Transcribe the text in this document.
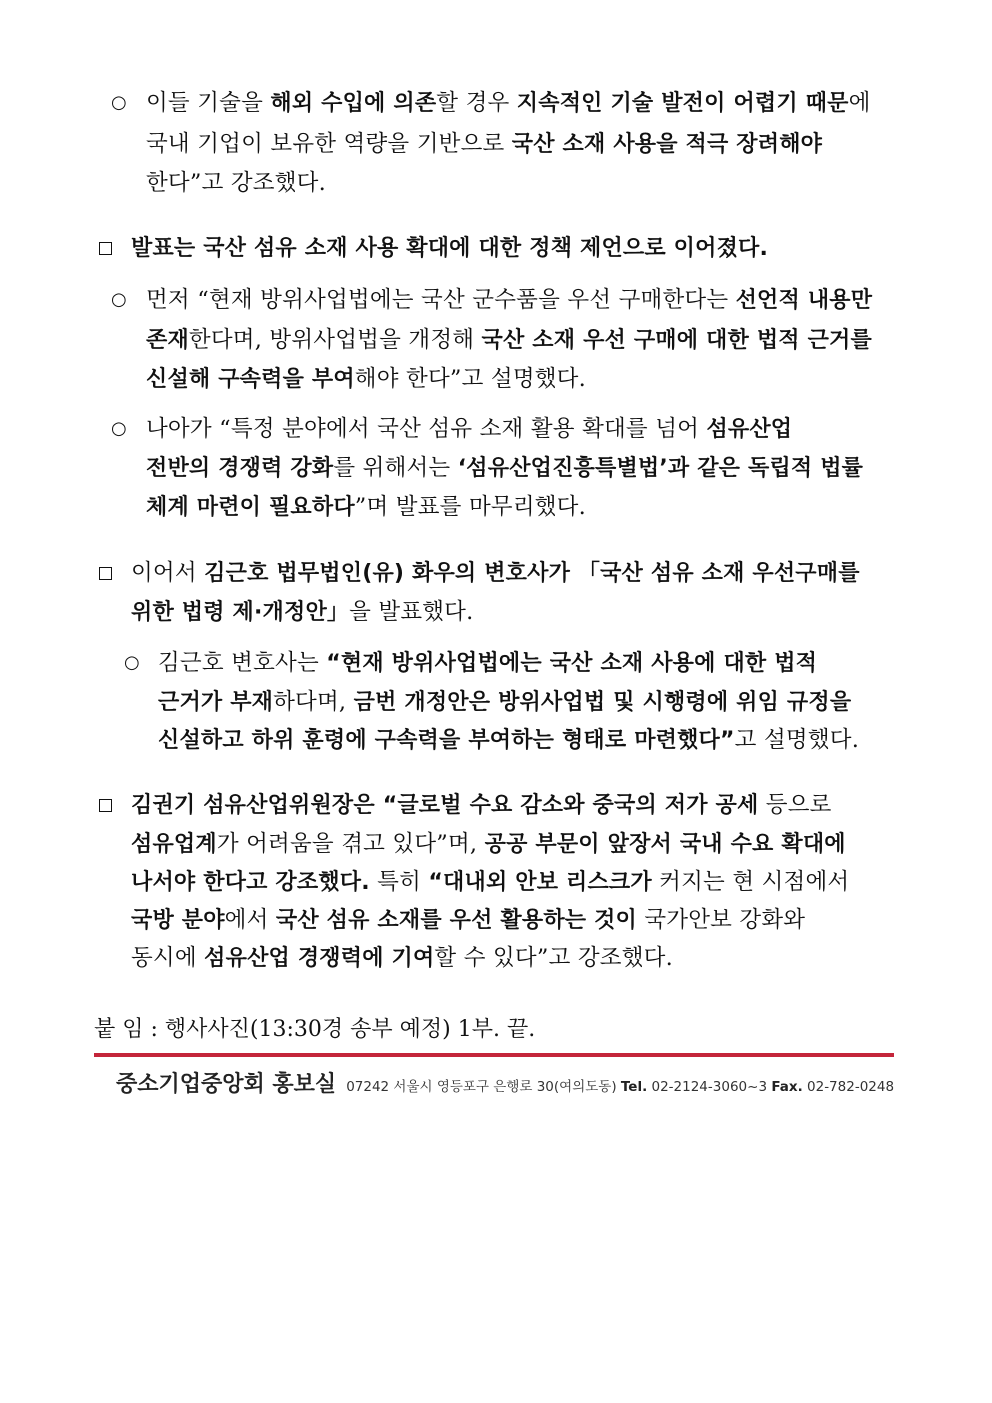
○ 이들 기술을 해외 수입에 의존할 경우 지속적인 기술 발전이 어렵기 때문에
국내 기업이 보유한 역량을 기반으로 국산 소재 사용을 적극 장려해야
한다”고 강조했다.
발표는 국산 섬유 소재 사용 확대에 대한 정책 제언으로 이어졌다.
○ 먼저 “현재 방위사업법에는 국산 군수품을 우선 구매한다는 선언적 내용만
존재한다며, 방위사업법을 개정해 국산 소재 우선 구매에 대한 법적 근거를
신설해 구속력을 부여해야 한다”고 설명했다.
○ 나아가 “특정 분야에서 국산 섬유 소재 활용 확대를 넘어 섬유산업
전반의 경쟁력 강화를 위해서는 ‘섬유산업진흥특별법’과 같은 독립적 법률
체계 마련이 필요하다”며 발표를 마무리했다.
이어서 김근호 법무법인(유) 화우의 변호사가 「국산 섬유 소재 우선구매를
위한 법령 제·개정안」을 발표했다.
○ 김근호 변호사는 “현재 방위사업법에는 국산 소재 사용에 대한 법적
근거가 부재하다며, 금번 개정안은 방위사업법 및 시행령에 위임 규정을
신설하고 하위 훈령에 구속력을 부여하는 형태로 마련했다”고 설명했다.
김권기 섬유산업위원장은 “글로벌 수요 감소와 중국의 저가 공세 등으로
섬유업계가 어려움을 겪고 있다”며, 공공 부문이 앞장서 국내 수요 확대에
나서야 한다고 강조했다. 특히 “대내외 안보 리스크가 커지는 현 시점에서
국방 분야에서 국산 섬유 소재를 우선 활용하는 것이 국가안보 강화와
동시에 섬유산업 경쟁력에 기여할 수 있다”고 강조했다.
붙 임 : 행사사진(13:30경 송부 예정) 1부. 끝.
중소기업중앙회 홍보실 07242 서울시 영등포구 은행로 30(여의도동) Tel. 02-2124-3060~3 Fax. 02-782-0248
